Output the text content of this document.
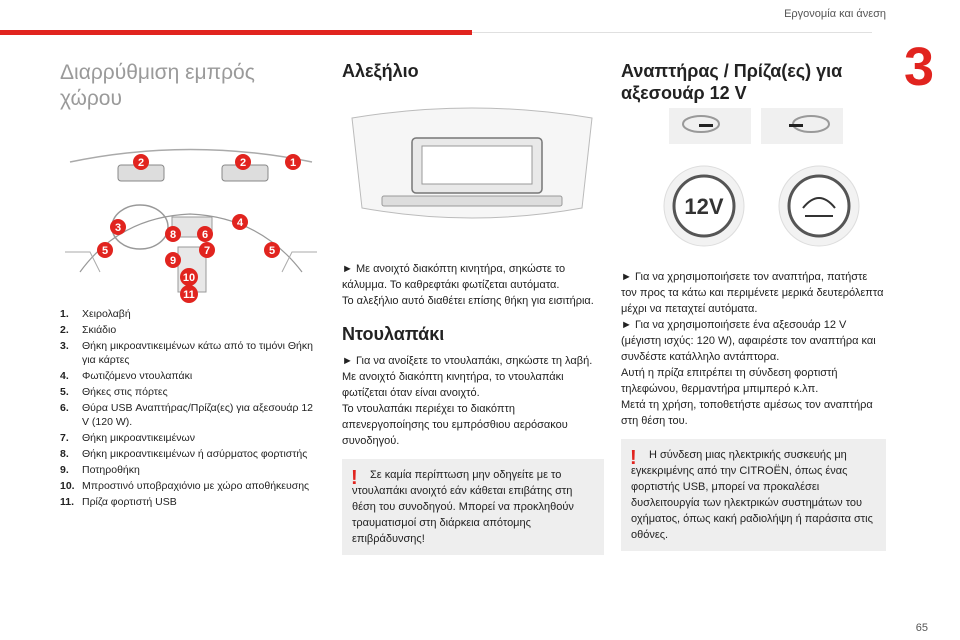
Εργονομία και άνεση
3
Διαρρύθμιση εμπρός χώρου
2	2	1
3	4
5	5
6
7
8
9
10
11
1.	Χειρολαβή
2.	Σκιάδιο
3.	Θήκη μικροαντικειμένων κάτω από το τιμόνι Θήκη για κάρτες
4.	Φωτιζόμενο ντουλαπάκι
5.	Θήκες στις πόρτες
6.	Θύρα USB Αναπτήρας/Πρίζα(ες) για αξεσουάρ 12 V (120 W).
7.	Θήκη μικροαντικειμένων
8.	Θήκη μικροαντικειμένων ή ασύρματος φορτιστής
9.	Ποτηροθήκη
10. Μπροστινό υποβραχιόνιο με χώρο αποθήκευσης
11. Πρίζα φορτιστή USB
Αλεξήλιο

► Με ανοιχτό διακόπτη κινητήρα, σηκώστε το κάλυμμα. Το καθρεφτάκι φωτίζεται αυτόματα.

Το αλεξήλιο αυτό διαθέτει επίσης θήκη για εισιτήρια.

Ντουλαπάκι

► Για να ανοίξετε το ντουλαπάκι, σηκώστε τη λαβή.

Με ανοιχτό διακόπτη κινητήρα, το ντουλαπάκι φωτίζεται όταν είναι ανοιχτό.

Το ντουλαπάκι περιέχει το διακόπτη απενεργοποίησης του εμπρόσθιου αερόσακου συνοδηγού.

!	Σε καμία περίπτωση μην οδηγείτε με το ντουλαπάκι ανοιχτό εάν κάθεται επιβάτης στη θέση του συνοδηγού. Μπορεί να προκληθούν τραυματισμοί στη διάρκεια απότομης επιβράδυνσης!
Αναπτήρας / Πρίζα(ες) για αξεσουάρ 12 V
12V

► Για να χρησιμοποιήσετε τον αναπτήρα, πατήστε τον προς τα κάτω και περιμένετε μερικά δευτερόλεπτα μέχρι να πεταχτεί αυτόματα.

► Για να χρησιμοποιήσετε ένα αξεσουάρ 12 V (μέγιστη ισχύς: 120 W), αφαιρέστε τον αναπτήρα και συνδέστε κατάλληλο αντάπτορα.

Αυτή η πρίζα επιτρέπει τη σύνδεση φορτιστή τηλεφώνου, θερμαντήρα μπιμπερό κ.λπ.

Μετά τη χρήση, τοποθετήστε αμέσως τον αναπτήρα στη θέση του.

!	Η σύνδεση μιας ηλεκτρικής συσκευής μη εγκεκριμένης από την CITROËN, όπως ένας φορτιστής USB, μπορεί να προκαλέσει δυσλειτουργία των ηλεκτρικών συστημάτων του οχήματος, όπως κακή ραδιολήψη ή παράσιτα στις οθόνες.
65
